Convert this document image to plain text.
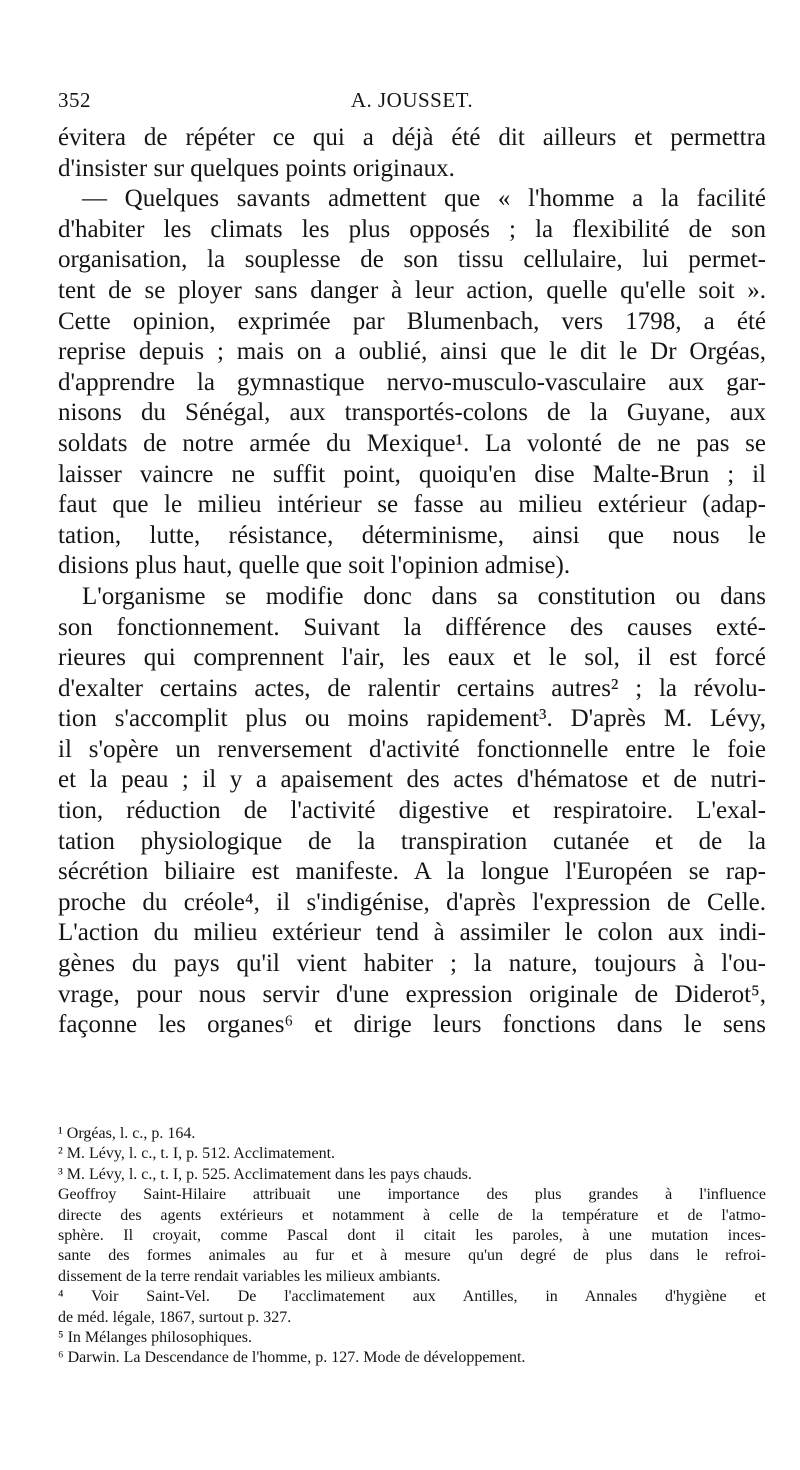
352	A. JOUSSET.
évitera de répéter ce qui a déjà été dit ailleurs et permettra
d'insister sur quelques points originaux.
— Quelques savants admettent que « l'homme a la facilité
d'habiter les climats les plus opposés ; la flexibilité de son
organisation, la souplesse de son tissu cellulaire, lui permet-
tent de se ployer sans danger à leur action, quelle qu'elle soit ».
Cette opinion, exprimée par Blumenbach, vers 1798, a été
reprise depuis ; mais on a oublié, ainsi que le dit le Dr Orgéas,
d'apprendre la gymnastique nervo-musculo-vasculaire aux gar-
nisons du Sénégal, aux transportés-colons de la Guyane, aux
soldats de notre armée du Mexique¹. La volonté de ne pas se
laisser vaincre ne suffit point, quoiqu'en dise Malte-Brun ; il
faut que le milieu intérieur se fasse au milieu extérieur (adap-
tation, lutte, résistance, déterminisme, ainsi que nous le
disions plus haut, quelle que soit l'opinion admise).
L'organisme se modifie donc dans sa constitution ou dans
son fonctionnement. Suivant la différence des causes exté-
rieures qui comprennent l'air, les eaux et le sol, il est forcé
d'exalter certains actes, de ralentir certains autres² ; la révolu-
tion s'accomplit plus ou moins rapidement³. D'après M. Lévy,
il s'opère un renversement d'activité fonctionnelle entre le foie
et la peau ; il y a apaisement des actes d'hématose et de nutri-
tion, réduction de l'activité digestive et respiratoire. L'exal-
tation physiologique de la transpiration cutanée et de la
sécrétion biliaire est manifeste. A la longue l'Européen se rap-
proche du créole⁴, il s'indigénise, d'après l'expression de Celle.
L'action du milieu extérieur tend à assimiler le colon aux indi-
gènes du pays qu'il vient habiter ; la nature, toujours à l'ou-
vrage, pour nous servir d'une expression originale de Diderot⁵,
façonne les organes⁶ et dirige leurs fonctions dans le sens
¹ Orgéas, l. c., p. 164.
² M. Lévy, l. c., t. I, p. 512. Acclimatement.
³ M. Lévy, l. c., t. I, p. 525. Acclimatement dans les pays chauds.
Geoffroy Saint-Hilaire attribuait une importance des plus grandes à l'influence
directe des agents extérieurs et notamment à celle de la température et de l'atmo-
sphère. Il croyait, comme Pascal dont il citait les paroles, à une mutation inces-
sante des formes animales au fur et à mesure qu'un degré de plus dans le refroi-
dissement de la terre rendait variables les milieux ambiants.
⁴ Voir Saint-Vel. De l'acclimatement aux Antilles, in Annales d'hygiène et
de méd. légale, 1867, surtout p. 327.
⁵ In Mélanges philosophiques.
⁶ Darwin. La Descendance de l'homme, p. 127. Mode de développement.
